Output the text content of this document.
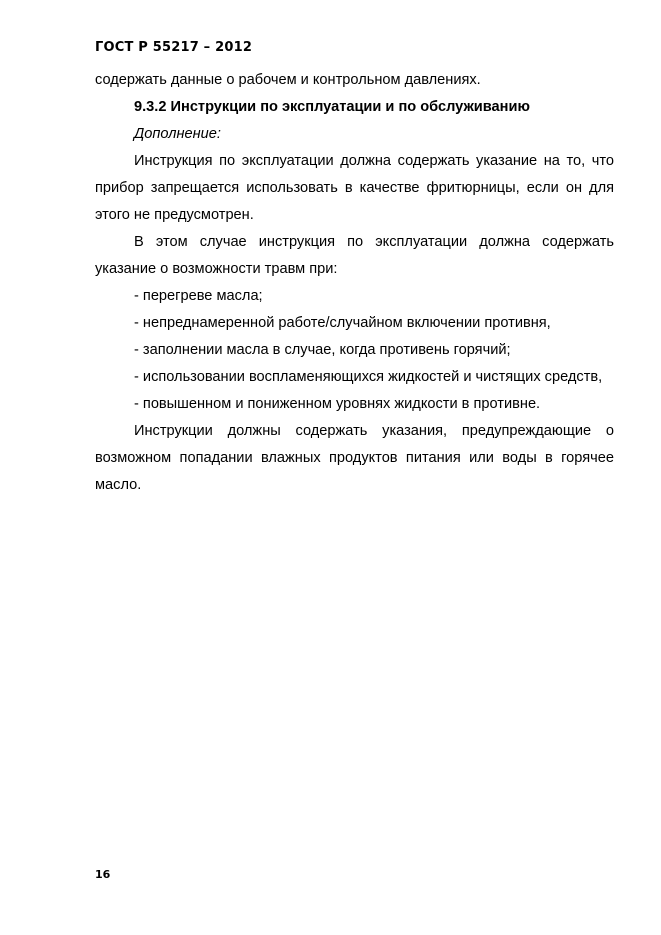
ГОСТ Р 55217 – 2012

содержать данные о рабочем и контрольном давлениях.

9.3.2 Инструкции по эксплуатации и по обслуживанию

Дополнение:

Инструкция по эксплуатации должна содержать указание на то, что прибор запрещается использовать в качестве фритюрницы, если он для этого не предусмотрен.

В этом случае инструкция по эксплуатации должна содержать указание о возможности травм при:

- перегреве масла;

- непреднамеренной работе/случайном включении противня,

- заполнении масла в случае, когда противень горячий;

- использовании воспламеняющихся жидкостей и чистящих средств,

- повышенном и пониженном уровнях жидкости в противне.

Инструкции должны содержать указания, предупреждающие о возможном попадании влажных продуктов питания или воды в горячее масло.

16
